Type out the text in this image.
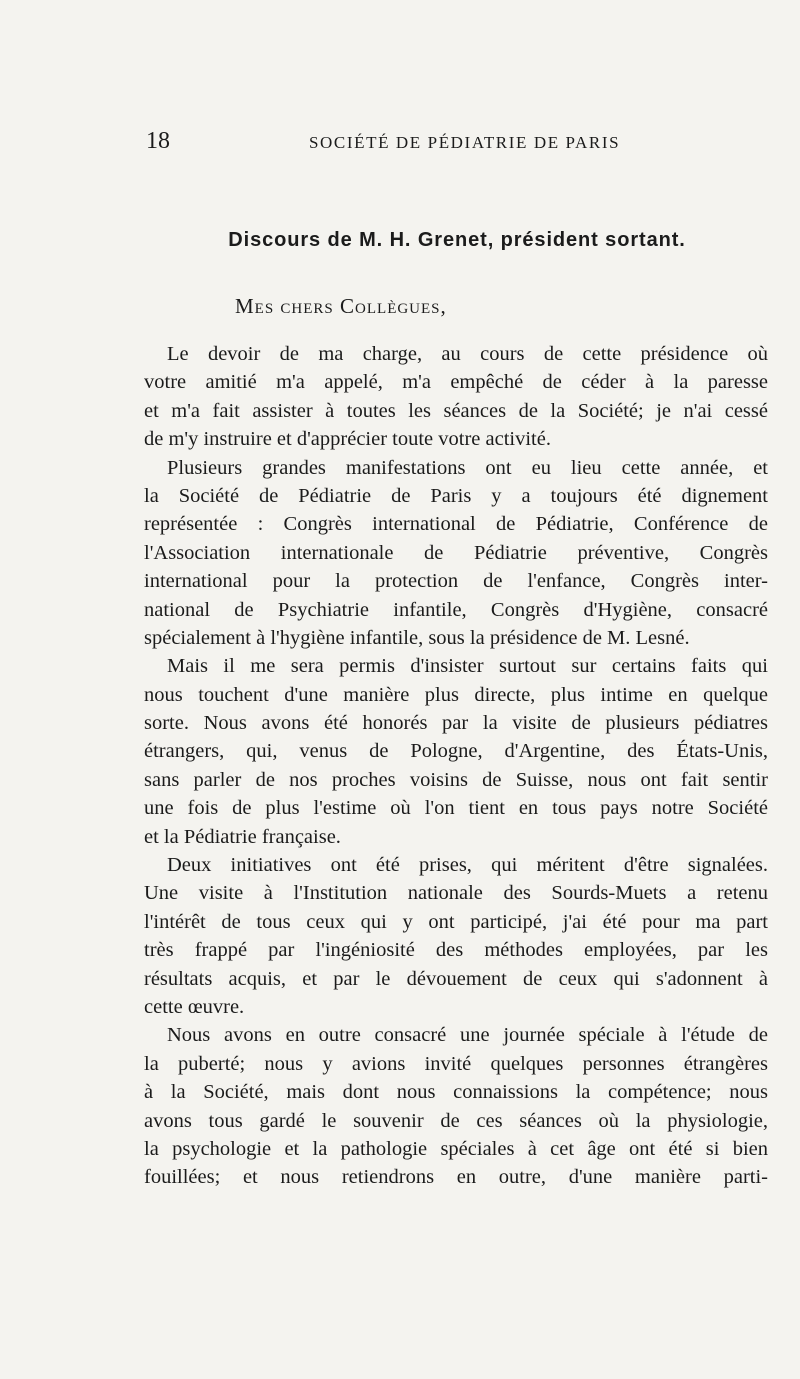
18	SOCIÉTÉ DE PÉDIATRIE DE PARIS
Discours de M. H. Grenet, président sortant.
Mes chers Collègues,
Le devoir de ma charge, au cours de cette présidence où
votre amitié m'a appelé, m'a empêché de céder à la paresse
et m'a fait assister à toutes les séances de la Société; je n'ai cessé
de m'y instruire et d'apprécier toute votre activité.
Plusieurs grandes manifestations ont eu lieu cette année, et
la Société de Pédiatrie de Paris y a toujours été dignement
représentée : Congrès international de Pédiatrie, Conférence de
l'Association internationale de Pédiatrie préventive, Congrès
international pour la protection de l'enfance, Congrès inter-
national de Psychiatrie infantile, Congrès d'Hygiène, consacré
spécialement à l'hygiène infantile, sous la présidence de M. Lesné.
Mais il me sera permis d'insister surtout sur certains faits qui
nous touchent d'une manière plus directe, plus intime en quelque
sorte. Nous avons été honorés par la visite de plusieurs pédiatres
étrangers, qui, venus de Pologne, d'Argentine, des États-Unis,
sans parler de nos proches voisins de Suisse, nous ont fait sentir
une fois de plus l'estime où l'on tient en tous pays notre Société
et la Pédiatrie française.
Deux initiatives ont été prises, qui méritent d'être signalées.
Une visite à l'Institution nationale des Sourds-Muets a retenu
l'intérêt de tous ceux qui y ont participé, j'ai été pour ma part
très frappé par l'ingéniosité des méthodes employées, par les
résultats acquis, et par le dévouement de ceux qui s'adonnent à
cette œuvre.
Nous avons en outre consacré une journée spéciale à l'étude de
la puberté; nous y avions invité quelques personnes étrangères
à la Société, mais dont nous connaissions la compétence; nous
avons tous gardé le souvenir de ces séances où la physiologie,
la psychologie et la pathologie spéciales à cet âge ont été si bien
fouillées; et nous retiendrons en outre, d'une manière parti-
